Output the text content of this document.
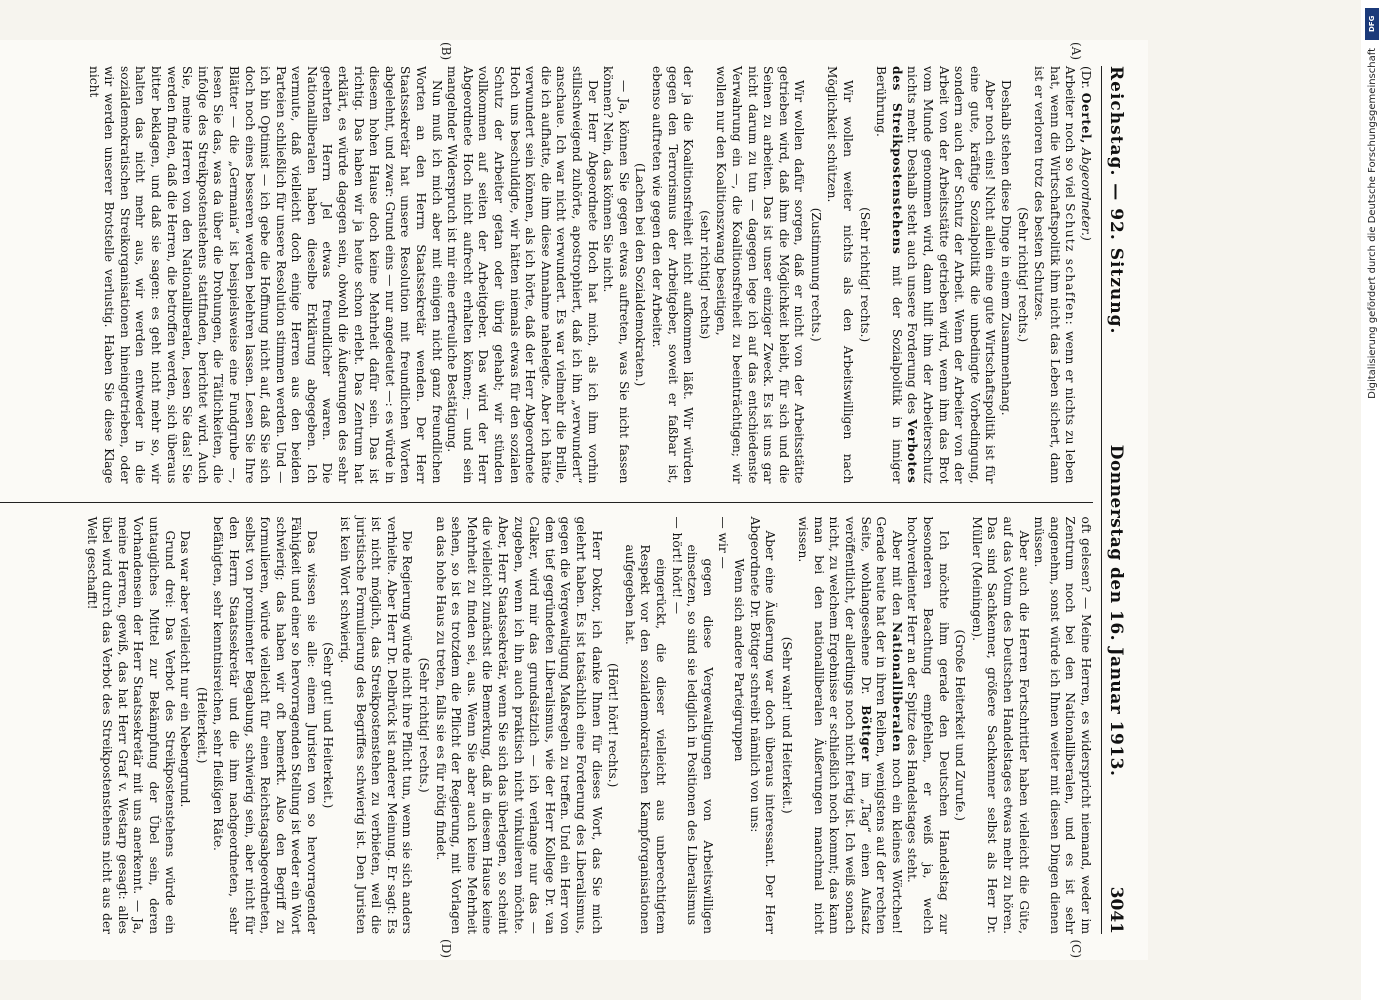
Reichstag. — 92. Sitzung.
Donnerstag den 16. Januar 1913.
3041
(A)
(B)

(Dr. Oertel, Abgeordneter.)

Arbeiter noch so viel Schutz schaffen: wenn er nichts zu leben hat, wenn die Wirtschaftspolitik ihm nicht das Leben sichert, dann ist er verloren trotz des besten Schutzes.

(Sehr richtig! rechts.)

Deshalb stehen diese Dinge in einem Zusammenhang.

Aber noch eins! Nicht allein eine gute Wirtschaftspolitik ist für eine gute, kräftige Sozialpolitik die unbedingte Vorbedingung, sondern auch der Schutz der Arbeit. Wenn der Arbeiter von der Arbeit von der Arbeitsstätte getrieben wird, wenn ihm das Brot vom Munde genommen wird, dann hilft ihm der Arbeiterschutz nichts mehr. Deshalb steht auch unsere Forderung des Verbotes des Streikpostenstehens mit der Sozialpolitik in inniger Berührung.

(Sehr richtig! rechts.)

Wir wollen weiter nichts als den Arbeitswilligen nach Möglichkeit schützen.

(Zustimmung rechts.)

Wir wollen dafür sorgen, daß er nicht von der Arbeitsstätte getrieben wird, daß ihm die Möglichkeit bleibt, für sich und die Seinen zu arbeiten. Das ist unser einziger Zweck. Es ist uns gar nicht darum zu tun — dagegen lege ich auf das entschiedenste Verwahrung ein —, die Koalitionsfreiheit zu beeinträchtigen; wir wollen nur den Koalitionszwang beseitigen,

(sehr richtig! rechts)

der ja die Koalitionsfreiheit nicht aufkommen läßt. Wir würden gegen den Terrorismus der Arbeitgeber, soweit er faßbar ist, ebenso auftreten wie gegen den der Arbeiter.

(Lachen bei den Sozialdemokraten.)

— Ja, können Sie gegen etwas auftreten, was Sie nicht fassen können? Nein, das können Sie nicht.

Der Herr Abgeordnete Hoch hat mich, als ich ihm vorhin stillschweigend zuhörte, apostrophiert, daß ich ihn „verwundert“ anschaue. Ich war nicht verwundert. Es war vielmehr die Brille, die ich aufhatte, die ihm diese Annahme nahelegte. Aber ich hätte verwundert sein können, als ich hörte, daß der Herr Abgeordnete Hoch uns beschuldigte, wir hätten niemals etwas für den sozialen Schutz der Arbeiter getan oder übrig gehabt; wir stünden vollkommen auf seiten der Arbeitgeber. Das wird der Herr Abgeordnete Hoch nicht aufrecht erhalten können; — und sein mangelnder Widerspruch ist mir eine erfreuliche Bestätigung.

Nun muß ich mich aber mit einigen nicht ganz freundlichen Worten an den Herrn Staatssekretär wenden. Der Herr Staatssekretär hat unsere Resolution mit freundlichen Worten abgelehnt, und zwar: Grund eins — nur angedeutet —: es würde in diesem hohen Hause doch keine Mehrheit dafür sein. Das ist richtig. Das haben wir ja heute schon erlebt. Das Zentrum hat erklärt, es würde dagegen sein, obwohl die Äußerungen des sehr geehrten Herrn Jel etwas freundlicher waren. Die Nationalliberalen haben dieselbe Erklärung abgegeben. Ich vermute, daß vielleicht doch einige Herren aus den beiden Parteien schließlich für unsere Resolution stimmen werden. Und — ich bin Optimist — ich gebe die Hoffnung nicht auf, daß Sie sich doch noch eines besseren werden belehren lassen. Lesen Sie Ihre Blätter — die „Germania“ ist beispielsweise eine Fundgrube —, lesen Sie das, was da über die Drohungen, die Tätlichkeiten, die infolge des Streikpostenstehens stattfinden, berichtet wird. Auch Sie, meine Herren von den Nationalliberalen, lesen Sie das! Sie werden finden, daß die Herren, die betroffen werden, sich überaus bitter beklagen, und daß sie sagen: es geht nicht mehr so, wir halten das nicht mehr aus, wir werden entweder in die sozialdemokratischen Streikorganisationen hineingetrieben, oder wir werden unserer Brotstelle verlustig. Haben Sie diese Klage nicht

(C)
(D)

oft gelesen? — Meine Herren, es widerspricht niemand, weder im Zentrum noch bei den Nationalliberalen, und es ist sehr angenehm, sonst würde ich Ihnen weiter mit diesen Dingen dienen müssen.

Aber auch die Herren Fortschrittler haben vielleicht die Güte, auf das Votum des Deutschen Handelstages etwas mehr zu hören. Das sind Sachkenner, größere Sachkenner selbst als Herr Dr. Müller (Meiningen).

(Große Heiterkeit und Zurufe.)

Ich möchte ihm gerade den Deutschen Handelstag zur besonderen Beachtung empfehlen, er weiß ja, welch hochverdienter Herr an der Spitze des Handelstages steht.

Aber mit den Nationalliberalen noch ein kleines Wörtchen! Gerade heute hat der in ihren Reihen, wenigstens auf der rechten Seite, wohlangesehene Dr. Böttger im „Tag“ einen Aufsatz veröffentlicht, der allerdings noch nicht fertig ist. Ich weiß sonach nicht, zu welchem Ergebnisse er schließlich noch kommt; das kann man bei den nationalliberalen Äußerungen manchmal nicht wissen.

(Sehr wahr! und Heiterkeit.)

Aber eine Äußerung war doch überaus interessant. Der Herr Abgeordnete Dr. Böttger schreibt nämlich von uns:

Wenn sich andere Parteigruppen

— wir —

gegen diese Vergewaltigungen von Arbeitswilligen einsetzen, so sind sie lediglich in Positionen des Liberalismus

— hört! hört! —

eingerückt, die dieser vielleicht aus unberechtigtem Respekt vor den sozialdemokratischen Kampforganisationen aufgegeben hat.

(Hört! hört! rechts.)

Herr Doktor, ich danke Ihnen für dieses Wort, das Sie mich gelehrt haben. Es ist tatsächlich eine Forderung des Liberalismus, gegen die Vergewaltigung Maßregeln zu treffen. Und ein Herr von dem tief gegründeten Liberalismus, wie der Herr Kollege Dr. van Calker, wird mir das grundsätzlich — ich verlange nur das — zugeben, wenn ich ihn auch praktisch nicht vinkulieren möchte. Aber, Herr Staatssekretär, wenn Sie sich das überlegen, so scheint die vielleicht zunächst die Bemerkung, daß in diesem Hause keine Mehrheit zu finden sei, aus. Wenn Sie aber auch keine Mehrheit sehen, so ist es trotzdem die Pflicht der Regierung, mit Vorlagen an das hohe Haus zu treten, falls sie es für nötig findet.

(Sehr richtig! rechts.)

Die Regierung würde nicht ihre Pflicht tun, wenn sie sich anders verhielte. Aber Herr Dr. Delbrück ist anderer Meinung. Er sagt: Es ist nicht möglich, das Streikpostenstehen zu verbieten, weil die juristische Formulierung des Begriffes schwierig ist. Den Juristen ist kein Wort schwierig.

(Sehr gut! und Heiterkeit.)

Das wissen sie alle: einem Juristen von so hervorragender Fähigkeit und einer so hervorragenden Stellung ist weder ein Wort schwierig; das haben wir oft bemerkt. Also den Begriff zu formulieren, würde vielleicht für einen Reichstagsabgeordneten, selbst von prominenter Begabung, schwierig sein, aber nicht für den Herrn Staatssekretär und die ihm nachgeordneten, sehr befähigten, sehr kenntnisreichen, sehr fleißigen Räte.

(Heiterkeit.)

Das war aber vielleicht nur ein Nebengrund.

Grund drei: Das Verbot des Streikpostenstehens würde ein untaugliches Mittel zur Bekämpfung der Übel sein, deren Vorhandensein der Herr Staatssekretär mit uns anerkennt. — Ja, meine Herren, gewiß, das hat Herr Graf v. Westarp gesagt: alles übel wird durch das Verbot des Streikpostenstehens nicht aus der Welt geschafft!

DFG
Digitalisierung gefördert durch die Deutsche Forschungsgemeinschaft
